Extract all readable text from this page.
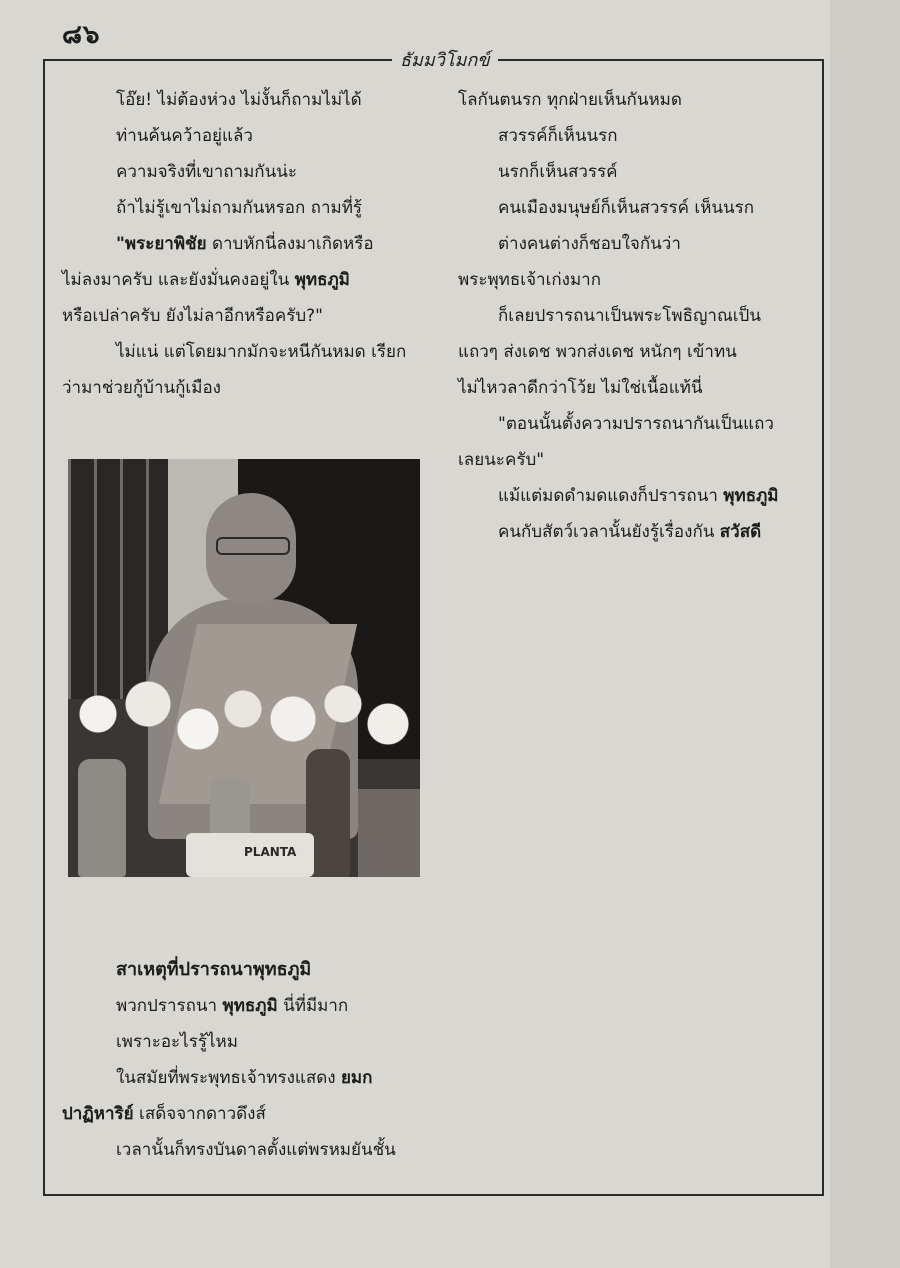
๘๖
ธัมมวิโมกข์

โอ๊ย! ไม่ต้องห่วง ไม่งั้นก็ถามไม่ได้

ท่านค้นคว้าอยู่แล้ว

ความจริงที่เขาถามกันน่ะ

ถ้าไม่รู้เขาไม่ถามกันหรอก ถามที่รู้

"พระยาพิชัย ดาบหักนี่ลงมาเกิดหรือ

ไม่ลงมาครับ และยังมั่นคงอยู่ใน พุทธภูมิ

หรือเปล่าครับ ยังไม่ลาอีกหรือครับ?"

ไม่แน่ แต่โดยมากมักจะหนีกันหมด เรียก

ว่ามาช่วยกู้บ้านกู้เมือง

โลกันตนรก ทุกฝ่ายเห็นกันหมด

สวรรค์ก็เห็นนรก

นรกก็เห็นสวรรค์

คนเมืองมนุษย์ก็เห็นสวรรค์ เห็นนรก

ต่างคนต่างก็ชอบใจกันว่า

พระพุทธเจ้าเก่งมาก

ก็เลยปรารถนาเป็นพระโพธิญาณเป็น

แถวๆ ส่งเดช พวกส่งเดช หนักๆ เข้าทน

ไม่ไหวลาดีกว่าโว้ย ไม่ใช่เนื้อแท้นี่

"ตอนนั้นตั้งความปรารถนากันเป็นแถว

เลยนะครับ"

แม้แต่มดดำมดแดงก็ปรารถนา พุทธภูมิ

คนกับสัตว์เวลานั้นยังรู้เรื่องกัน สวัสดี

PLANTA

สาเหตุที่ปรารถนาพุทธภูมิ

พวกปรารถนา พุทธภูมิ นี่ที่มีมาก

เพราะอะไรรู้ไหม

ในสมัยที่พระพุทธเจ้าทรงแสดง ยมก

ปาฏิหาริย์ เสด็จจากดาวดึงส์

เวลานั้นก็ทรงบันดาลตั้งแต่พรหมยันชั้น
